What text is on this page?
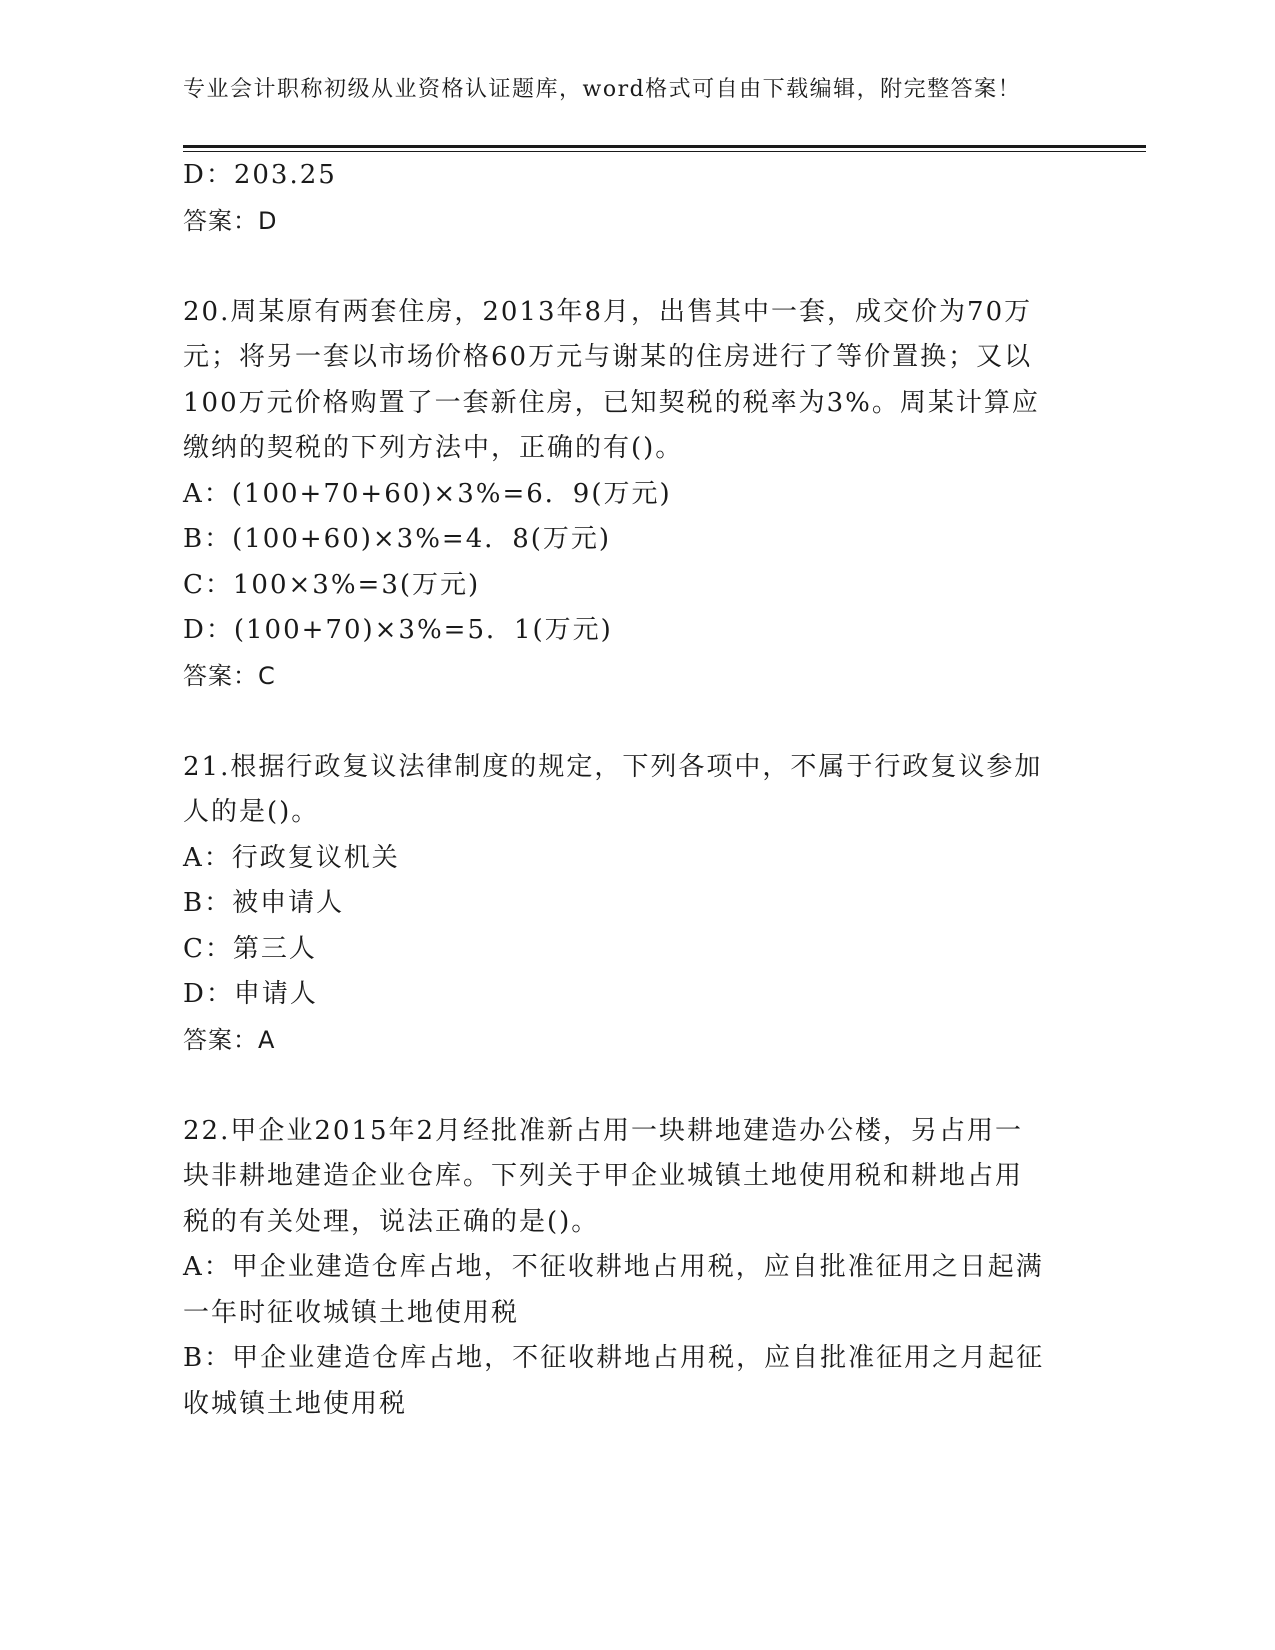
专业会计职称初级从业资格认证题库，word格式可自由下载编辑，附完整答案！
D：203.25
答案：D
20.周某原有两套住房，2013年8月，出售其中一套，成交价为70万
元；将另一套以市场价格60万元与谢某的住房进行了等价置换；又以
100万元价格购置了一套新住房，已知契税的税率为3%。周某计算应
缴纳的契税的下列方法中，正确的有()。
A：(100+70+60)×3%=6．9(万元)
B：(100+60)×3%=4．8(万元)
C：100×3%=3(万元)
D：(100+70)×3%=5．1(万元)
答案：C
21.根据行政复议法律制度的规定，下列各项中，不属于行政复议参加
人的是()。
A：行政复议机关
B：被申请人
C：第三人
D：申请人
答案：A
22.甲企业2015年2月经批准新占用一块耕地建造办公楼，另占用一
块非耕地建造企业仓库。下列关于甲企业城镇土地使用税和耕地占用
税的有关处理，说法正确的是()。
A：甲企业建造仓库占地，不征收耕地占用税，应自批准征用之日起满
一年时征收城镇土地使用税
B：甲企业建造仓库占地，不征收耕地占用税，应自批准征用之月起征
收城镇土地使用税
